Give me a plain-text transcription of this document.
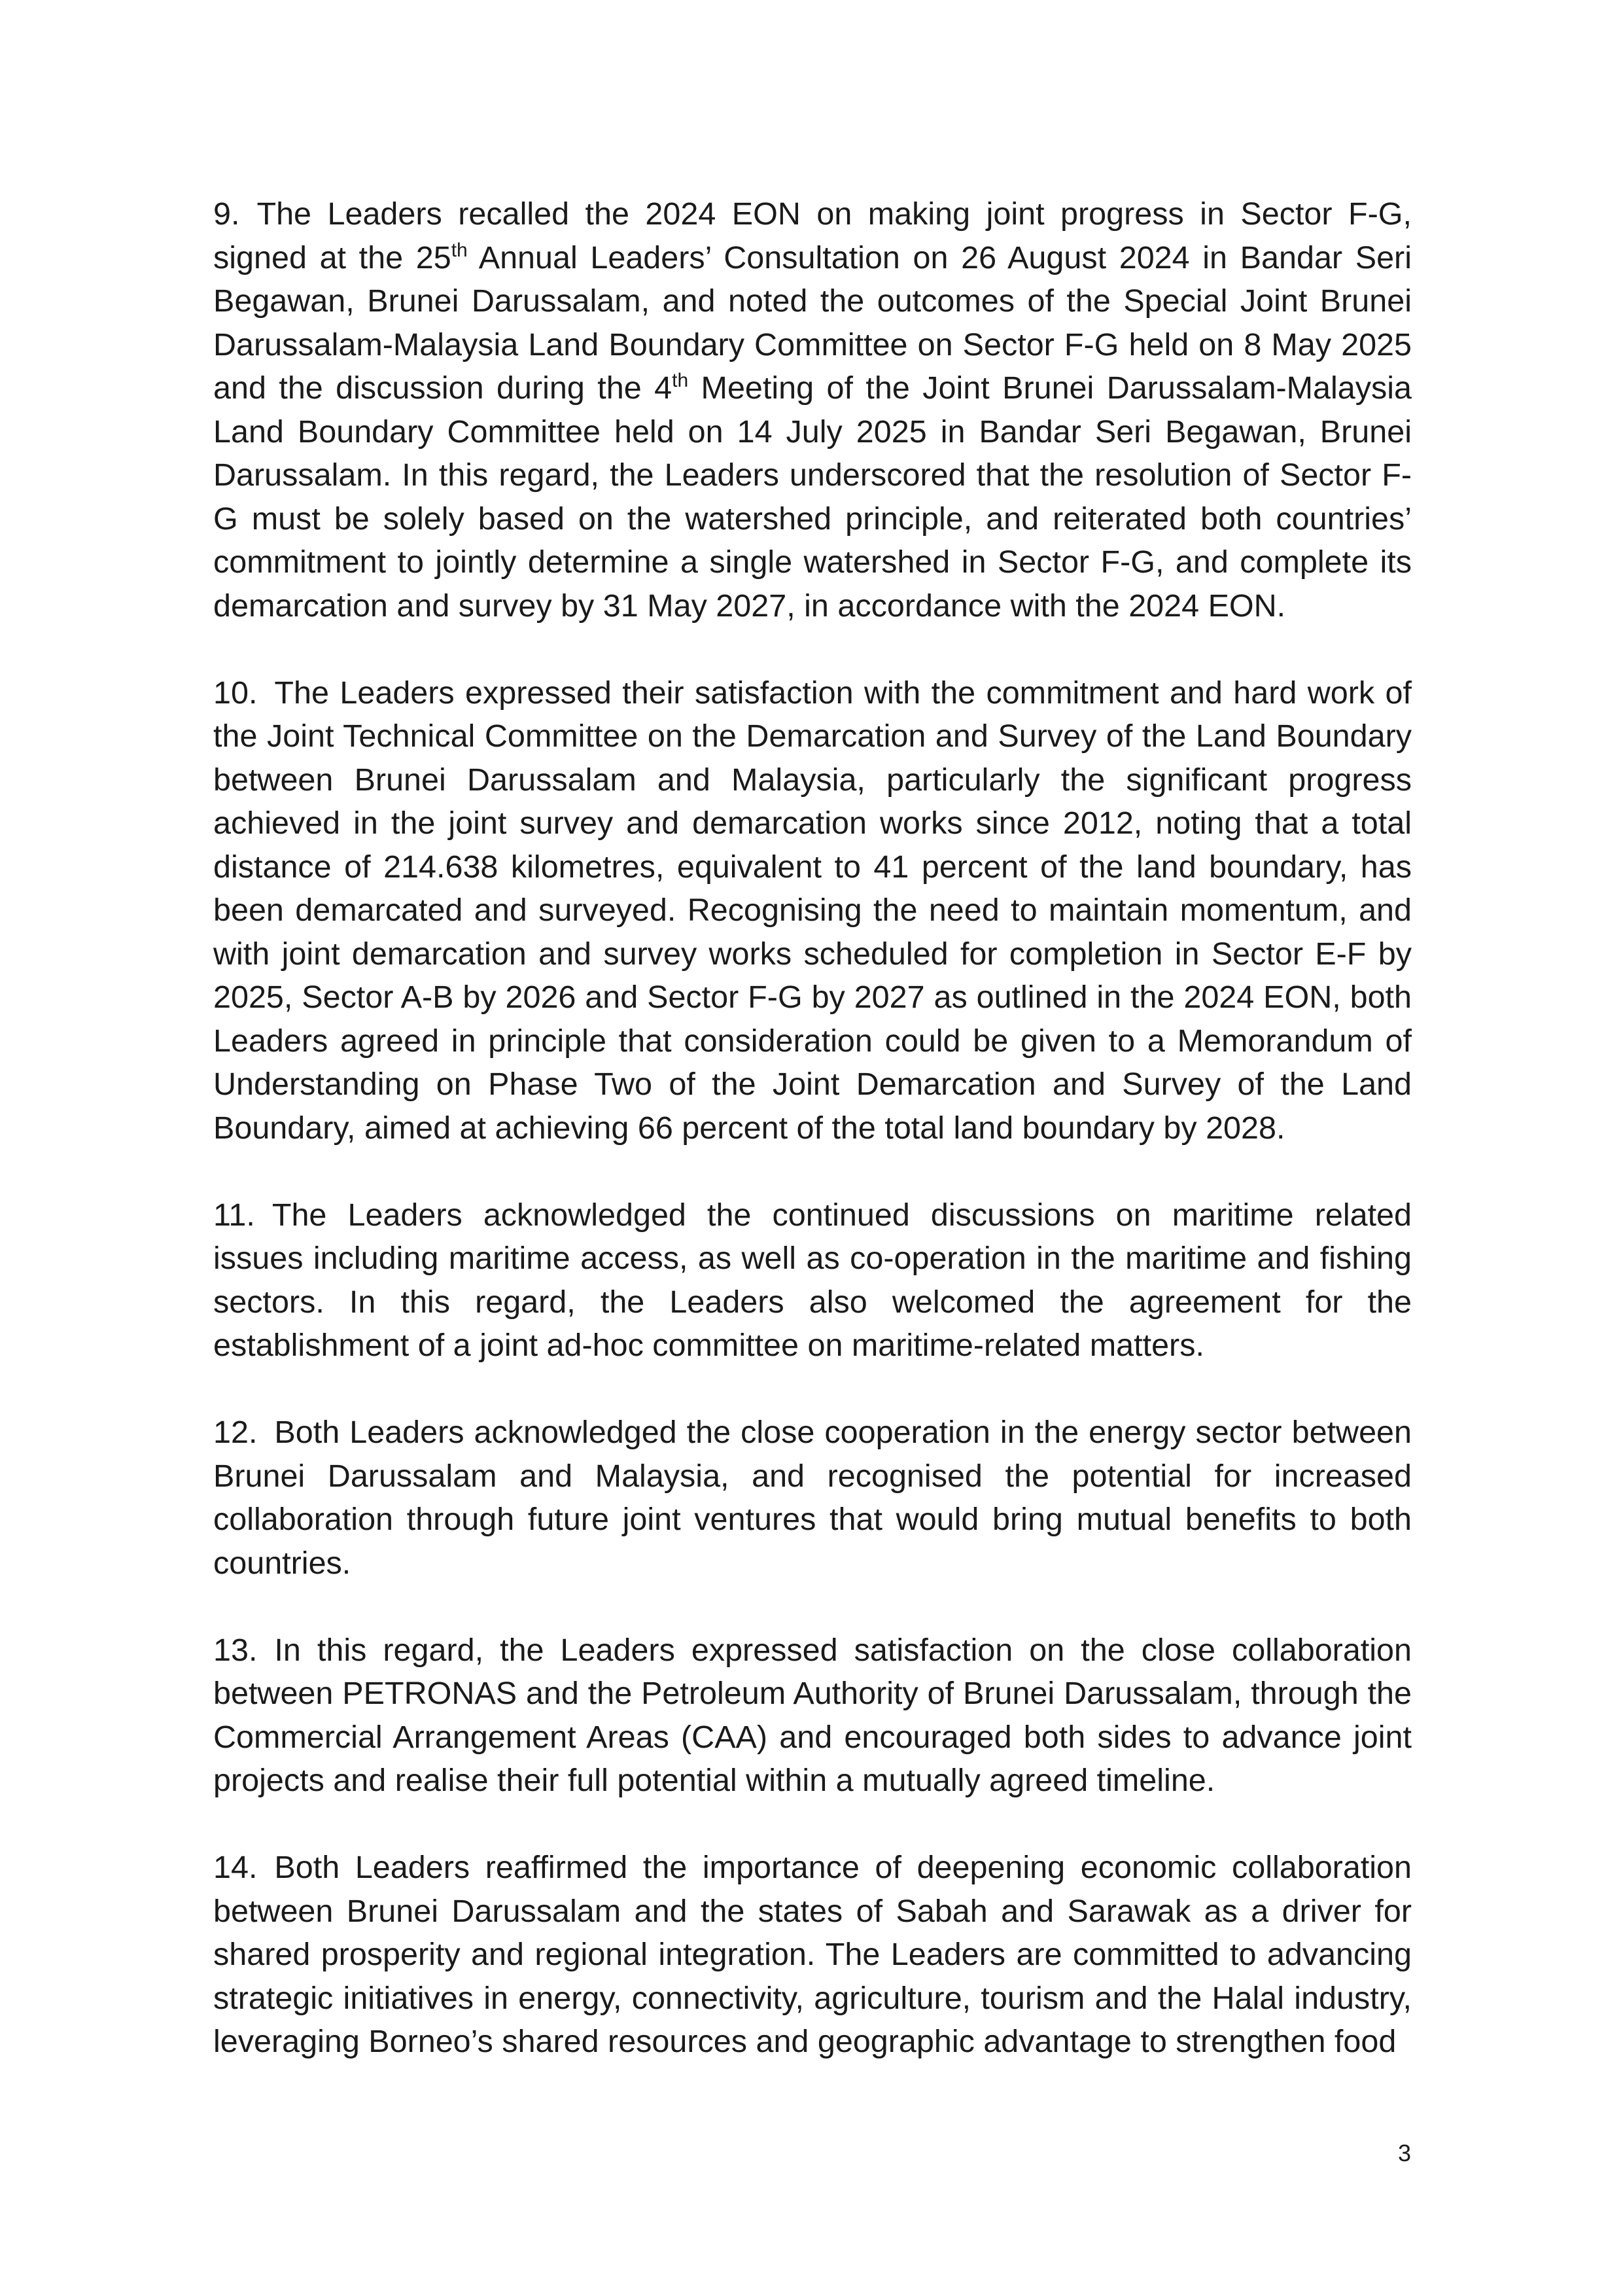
9. The Leaders recalled the 2024 EON on making joint progress in Sector F-G, signed at the 25th Annual Leaders’ Consultation on 26 August 2024 in Bandar Seri Begawan, Brunei Darussalam, and noted the outcomes of the Special Joint Brunei Darussalam-Malaysia Land Boundary Committee on Sector F-G held on 8 May 2025 and the discussion during the 4th Meeting of the Joint Brunei Darussalam-Malaysia Land Boundary Committee held on 14 July 2025 in Bandar Seri Begawan, Brunei Darussalam. In this regard, the Leaders underscored that the resolution of Sector F-G must be solely based on the watershed principle, and reiterated both countries’ commitment to jointly determine a single watershed in Sector F-G, and complete its demarcation and survey by 31 May 2027, in accordance with the 2024 EON.

10. The Leaders expressed their satisfaction with the commitment and hard work of the Joint Technical Committee on the Demarcation and Survey of the Land Boundary between Brunei Darussalam and Malaysia, particularly the significant progress achieved in the joint survey and demarcation works since 2012, noting that a total distance of 214.638 kilometres, equivalent to 41 percent of the land boundary, has been demarcated and surveyed. Recognising the need to maintain momentum, and with joint demarcation and survey works scheduled for completion in Sector E-F by 2025, Sector A-B by 2026 and Sector F-G by 2027 as outlined in the 2024 EON, both Leaders agreed in principle that consideration could be given to a Memorandum of Understanding on Phase Two of the Joint Demarcation and Survey of the Land Boundary, aimed at achieving 66 percent of the total land boundary by 2028.

11. The Leaders acknowledged the continued discussions on maritime related issues including maritime access, as well as co-operation in the maritime and fishing sectors. In this regard, the Leaders also welcomed the agreement for the establishment of a joint ad-hoc committee on maritime-related matters.

12. Both Leaders acknowledged the close cooperation in the energy sector between Brunei Darussalam and Malaysia, and recognised the potential for increased collaboration through future joint ventures that would bring mutual benefits to both countries.

13. In this regard, the Leaders expressed satisfaction on the close collaboration between PETRONAS and the Petroleum Authority of Brunei Darussalam, through the Commercial Arrangement Areas (CAA) and encouraged both sides to advance joint projects and realise their full potential within a mutually agreed timeline.

14. Both Leaders reaffirmed the importance of deepening economic collaboration between Brunei Darussalam and the states of Sabah and Sarawak as a driver for shared prosperity and regional integration. The Leaders are committed to advancing strategic initiatives in energy, connectivity, agriculture, tourism and the Halal industry, leveraging Borneo’s shared resources and geographic advantage to strengthen food

3
